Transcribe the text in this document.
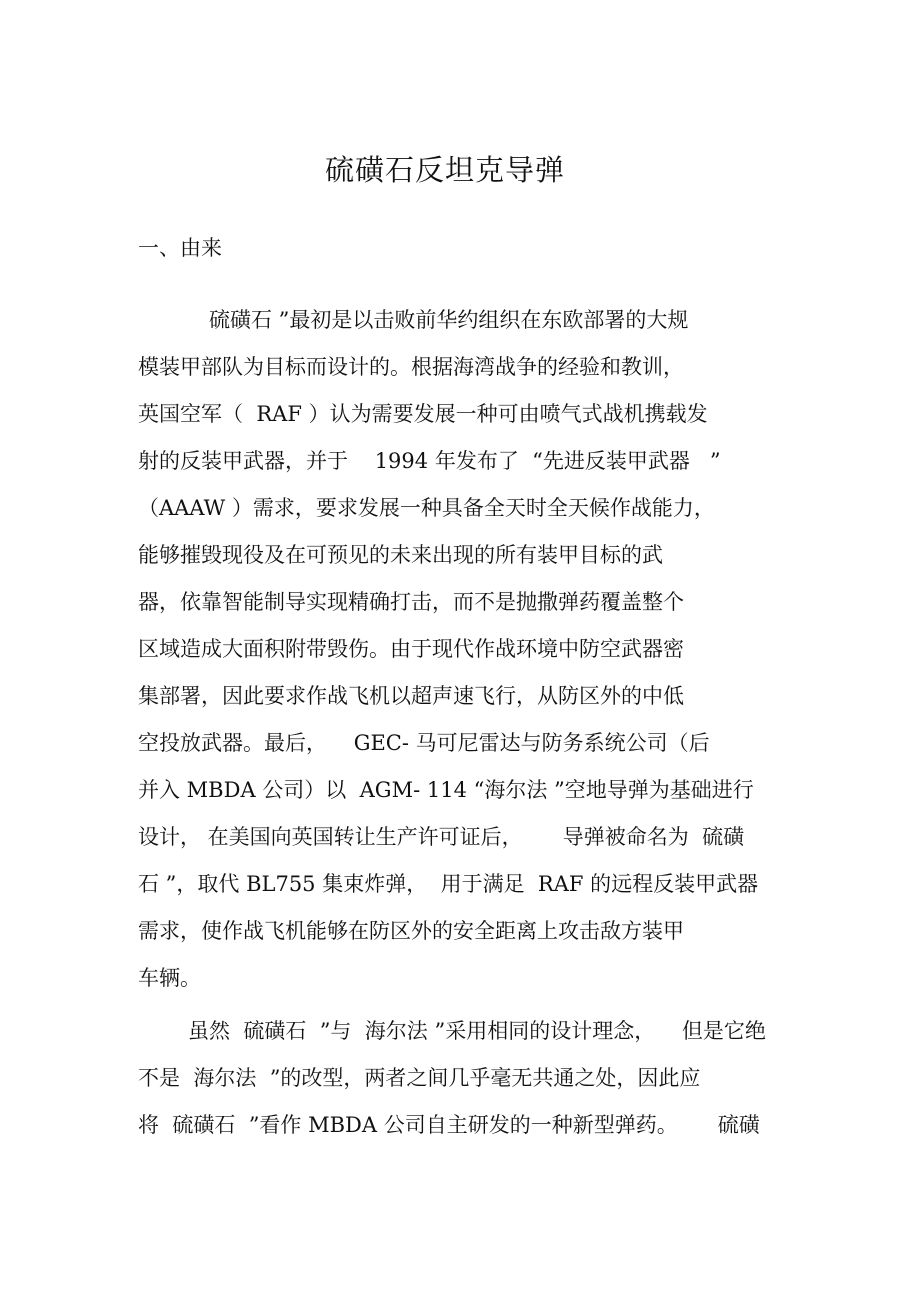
硫磺石反坦克导弹
一、由来

硫磺石 ”最初是以击败前华约组织在东欧部署的大规

模装甲部队为目标而设计的。根据海湾战争的经验和教训，

英国空军（  RAF ）认为需要发展一种可由喷气式战机携载发

射的反装甲武器，并于    1994 年发布了  “先进反装甲武器   ”

（AAAW ）需求，要求发展一种具备全天时全天候作战能力，

能够摧毁现役及在可预见的未来出现的所有装甲目标的武

器，依靠智能制导实现精确打击，而不是抛撒弹药覆盖整个

区域造成大面积附带毁伤。由于现代作战环境中防空武器密

集部署，因此要求作战飞机以超声速飞行，从防区外的中低

空投放武器。最后，    GEC- 马可尼雷达与防务系统公司（后

并入 MBDA 公司）以  AGM- 114 “海尔法 ”空地导弹为基础进行

设计， 在美国向英国转让生产许可证后，      导弹被命名为  硫磺

石 ”，取代 BL755 集束炸弹，  用于满足  RAF 的远程反装甲武器

需求，使作战飞机能够在防区外的安全距离上攻击敌方装甲

车辆。

虽然  硫磺石  ”与  海尔法 ”采用相同的设计理念，    但是它绝

不是  海尔法  ”的改型，两者之间几乎毫无共通之处，因此应

将  硫磺石  ”看作 MBDA 公司自主研发的一种新型弹药。      硫磺
